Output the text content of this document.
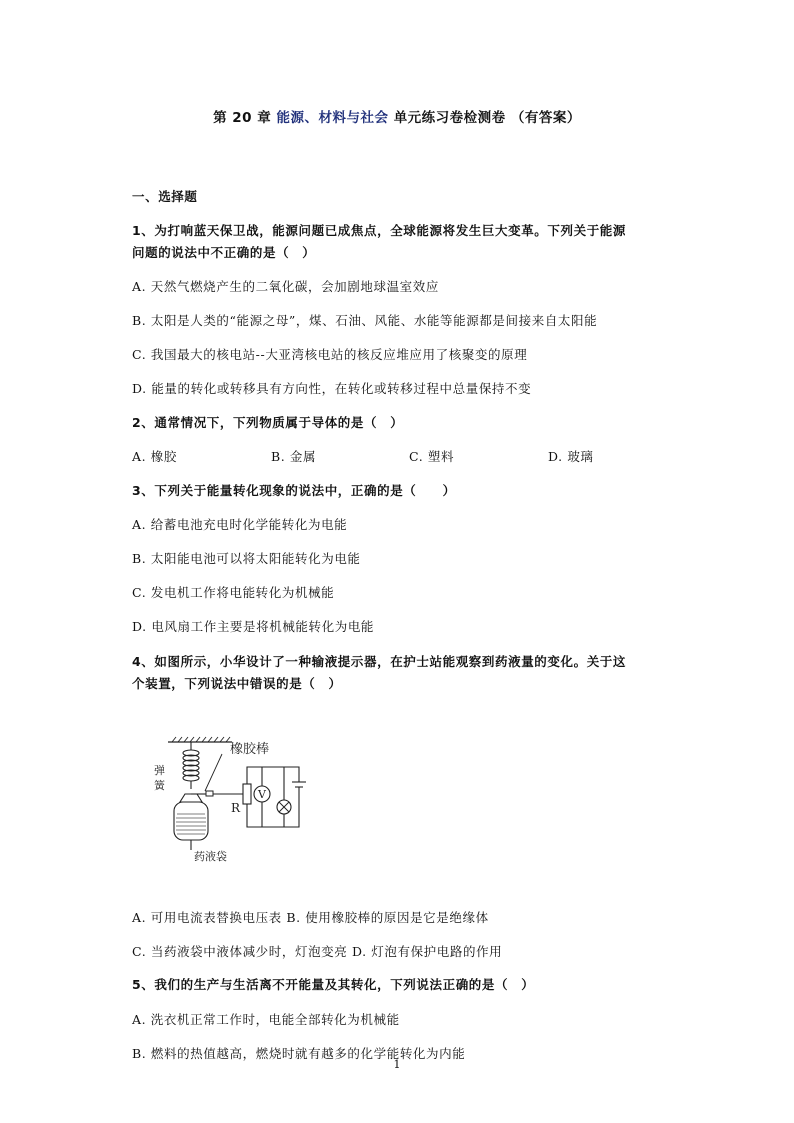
第 20 章 能源、材料与社会 单元练习卷检测卷 （有答案）
一、选择题
1、为打响蓝天保卫战，能源问题已成焦点，全球能源将发生巨大变革。下列关于能源
问题的说法中不正确的是（　）
A. 天然气燃烧产生的二氧化碳，会加剧地球温室效应
B. 太阳是人类的“能源之母”，煤、石油、风能、水能等能源都是间接来自太阳能
C. 我国最大的核电站--大亚湾核电站的核反应堆应用了核聚变的原理
D. 能量的转化或转移具有方向性，在转化或转移过程中总量保持不变
2、通常情况下，下列物质属于导体的是（　）
A. 橡胶	B. 金属	C. 塑料	D. 玻璃
3、下列关于能量转化现象的说法中，正确的是（　　）
A. 给蓄电池充电时化学能转化为电能
B. 太阳能电池可以将太阳能转化为电能
C. 发电机工作将电能转化为机械能
D. 电风扇工作主要是将机械能转化为电能
4、如图所示，小华设计了一种输液提示器，在护士站能观察到药液量的变化。关于这
个装置，下列说法中错误的是（　）
弹
簧
药液袋
橡胶棒
R
V
A. 可用电流表替换电压表 B. 使用橡胶棒的原因是它是绝缘体
C. 当药液袋中液体减少时，灯泡变亮 D. 灯泡有保护电路的作用
5、我们的生产与生活离不开能量及其转化，下列说法正确的是（　）
A. 洗衣机正常工作时，电能全部转化为机械能
B. 燃料的热值越高，燃烧时就有越多的化学能转化为内能
1
